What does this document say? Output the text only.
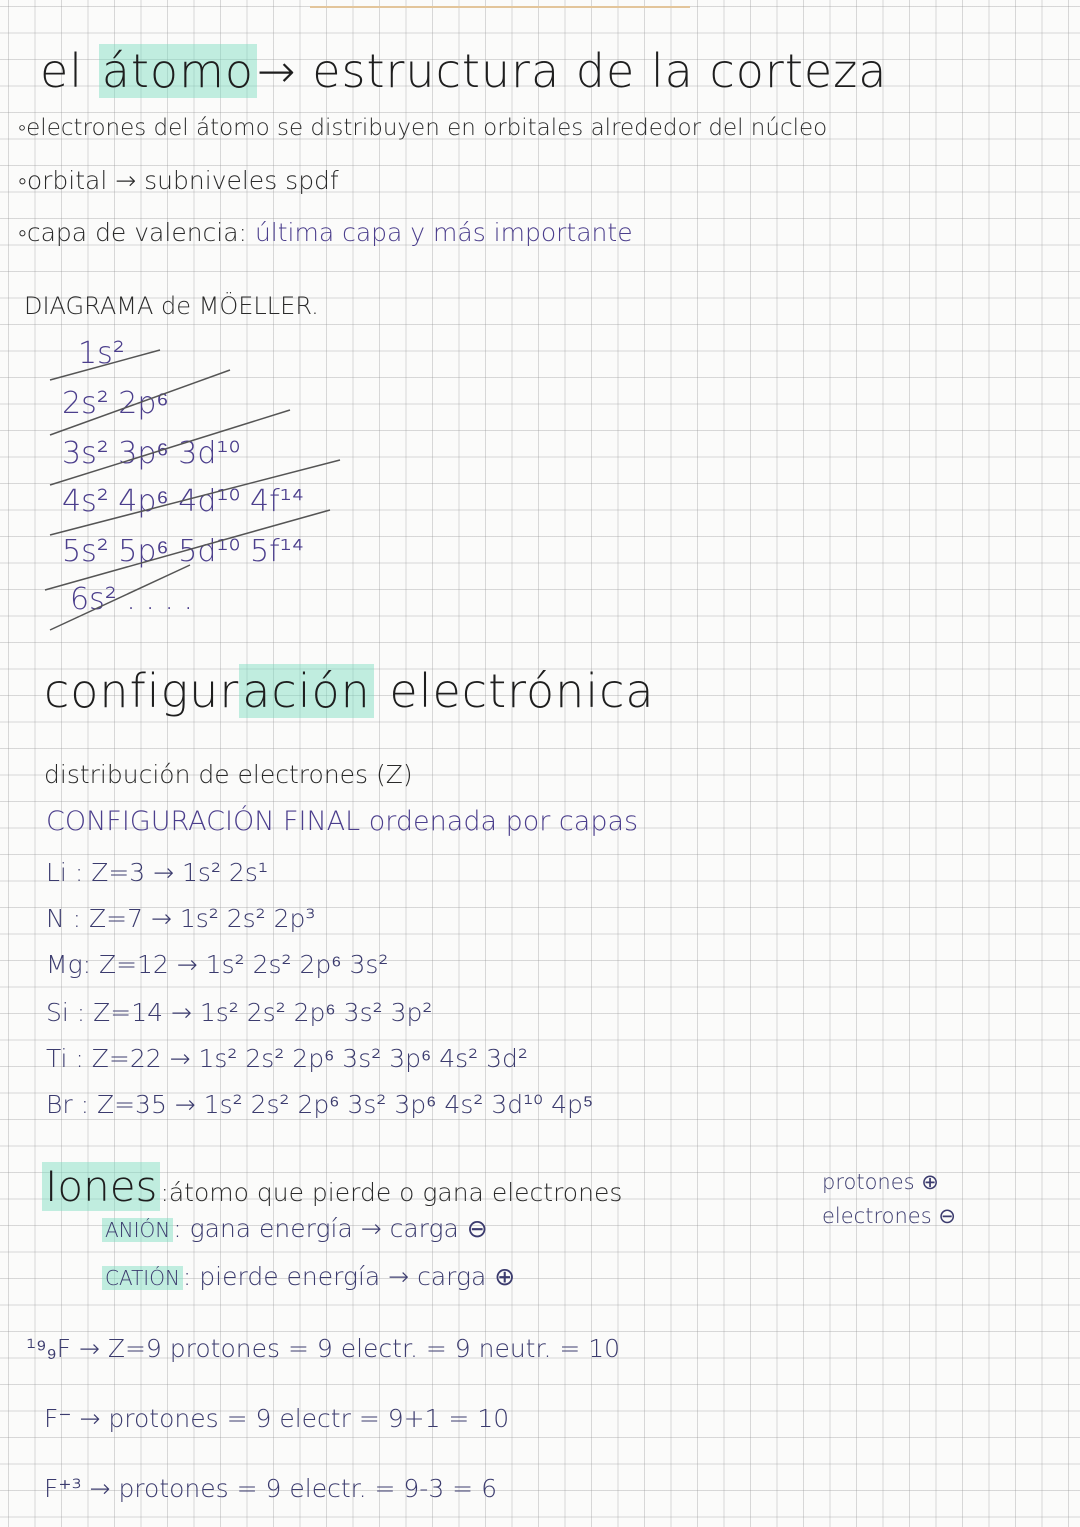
el átomo→ estructura de la corteza
◦electrones del átomo se distribuyen en orbitales alrededor del núcleo
◦orbital → subniveles spdf
◦capa de valencia: última capa y más importante
DIAGRAMA de MÖELLER.
1s²
2s² 2p⁶
3s² 3p⁶ 3d¹⁰
4s² 4p⁶ 4d¹⁰ 4f¹⁴
5s² 5p⁶ 5d¹⁰ 5f¹⁴
6s² . . . .
configuración electrónica
distribución de electrones (Z)
CONFIGURACIÓN FINAL ordenada por capas
Li : Z=3 → 1s² 2s¹
N : Z=7 → 1s² 2s² 2p³
Mg: Z=12 → 1s² 2s² 2p⁶ 3s²
Si : Z=14 → 1s² 2s² 2p⁶ 3s² 3p²
Ti : Z=22 → 1s² 2s² 2p⁶ 3s² 3p⁶ 4s² 3d²
Br : Z=35 → 1s² 2s² 2p⁶ 3s² 3p⁶ 4s² 3d¹⁰ 4p⁵
Iones :átomo que pierde o gana electrones
ANIÓN : gana energía → carga ⊖
CATIÓN : pierde energía → carga ⊕
protones ⊕
electrones ⊖
¹⁹₉F → Z=9 protones = 9 electr. = 9 neutr. = 10
F⁻ → protones = 9 electr = 9+1 = 10
F⁺³ → protones = 9 electr. = 9-3 = 6
